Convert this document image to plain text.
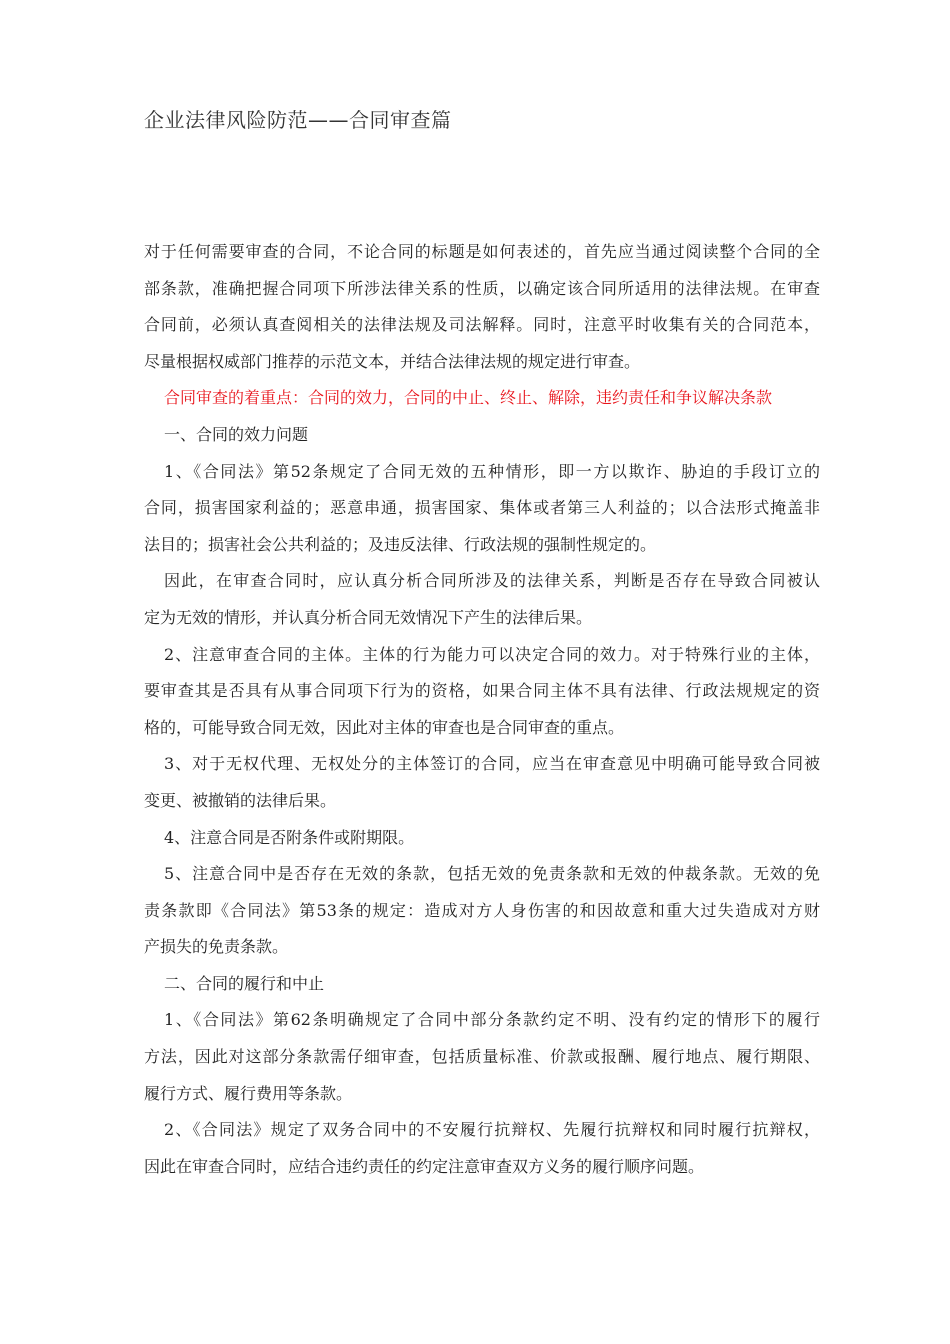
企业法律风险防范——合同审查篇
对于任何需要审查的合同，不论合同的标题是如何表述的，首先应当通过阅读整个合同的全
部条款，准确把握合同项下所涉法律关系的性质，以确定该合同所适用的法律法规。在审查
合同前，必须认真查阅相关的法律法规及司法解释。同时，注意平时收集有关的合同范本，
尽量根据权威部门推荐的示范文本，并结合法律法规的规定进行审查。
合同审查的着重点：合同的效力，合同的中止、终止、解除，违约责任和争议解决条款
一、合同的效力问题
1、《合同法》第52条规定了合同无效的五种情形，即一方以欺诈、胁迫的手段订立的
合同，损害国家利益的；恶意串通，损害国家、集体或者第三人利益的；以合法形式掩盖非
法目的；损害社会公共利益的；及违反法律、行政法规的强制性规定的。
因此，在审查合同时，应认真分析合同所涉及的法律关系，判断是否存在导致合同被认
定为无效的情形，并认真分析合同无效情况下产生的法律后果。
2、注意审查合同的主体。主体的行为能力可以决定合同的效力。对于特殊行业的主体，
要审查其是否具有从事合同项下行为的资格，如果合同主体不具有法律、行政法规规定的资
格的，可能导致合同无效，因此对主体的审查也是合同审查的重点。
3、对于无权代理、无权处分的主体签订的合同，应当在审查意见中明确可能导致合同被
变更、被撤销的法律后果。
4、注意合同是否附条件或附期限。
5、注意合同中是否存在无效的条款，包括无效的免责条款和无效的仲裁条款。无效的免
责条款即《合同法》第53条的规定：造成对方人身伤害的和因故意和重大过失造成对方财
产损失的免责条款。
二、合同的履行和中止
1、《合同法》第62条明确规定了合同中部分条款约定不明、没有约定的情形下的履行
方法，因此对这部分条款需仔细审查，包括质量标准、价款或报酬、履行地点、履行期限、
履行方式、履行费用等条款。
2、《合同法》规定了双务合同中的不安履行抗辩权、先履行抗辩权和同时履行抗辩权，
因此在审查合同时，应结合违约责任的约定注意审查双方义务的履行顺序问题。
